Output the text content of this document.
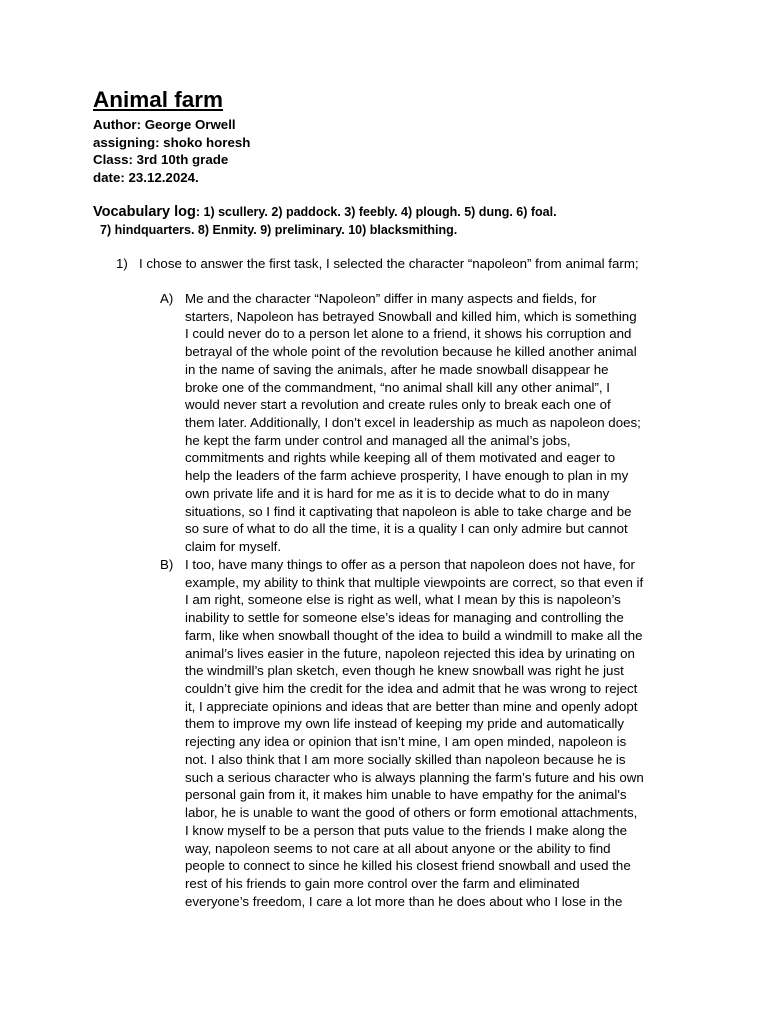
Animal farm
Author: George Orwell
assigning: shoko horesh
Class: 3rd 10th grade
date: 23.12.2024.
Vocabulary log: 1) scullery. 2) paddock. 3) feebly. 4) plough. 5) dung. 6) foal.
7) hindquarters. 8) Enmity. 9) preliminary. 10) blacksmithing.
1) I chose to answer the first task, I selected the character “napoleon” from animal farm;
A) Me and the character “Napoleon” differ in many aspects and fields, for
starters, Napoleon has betrayed Snowball and killed him, which is something
I could never do to a person let alone to a friend, it shows his corruption and
betrayal of the whole point of the revolution because he killed another animal
in the name of saving the animals, after he made snowball disappear he
broke one of the commandment, “no animal shall kill any other animal”, I
would never start a revolution and create rules only to break each one of
them later. Additionally, I don’t excel in leadership as much as napoleon does;
he kept the farm under control and managed all the animal’s jobs,
commitments and rights while keeping all of them motivated and eager to
help the leaders of the farm achieve prosperity, I have enough to plan in my
own private life and it is hard for me as it is to decide what to do in many
situations, so I find it captivating that napoleon is able to take charge and be
so sure of what to do all the time, it is a quality I can only admire but cannot
claim for myself.
B) I too, have many things to offer as a person that napoleon does not have, for
example, my ability to think that multiple viewpoints are correct, so that even if
I am right, someone else is right as well, what I mean by this is napoleon’s
inability to settle for someone else’s ideas for managing and controlling the
farm, like when snowball thought of the idea to build a windmill to make all the
animal’s lives easier in the future, napoleon rejected this idea by urinating on
the windmill’s plan sketch, even though he knew snowball was right he just
couldn’t give him the credit for the idea and admit that he was wrong to reject
it, I appreciate opinions and ideas that are better than mine and openly adopt
them to improve my own life instead of keeping my pride and automatically
rejecting any idea or opinion that isn’t mine, I am open minded, napoleon is
not. I also think that I am more socially skilled than napoleon because he is
such a serious character who is always planning the farm’s future and his own
personal gain from it, it makes him unable to have empathy for the animal's
labor, he is unable to want the good of others or form emotional attachments,
I know myself to be a person that puts value to the friends I make along the
way, napoleon seems to not care at all about anyone or the ability to find
people to connect to since he killed his closest friend snowball and used the
rest of his friends to gain more control over the farm and eliminated
everyone’s freedom, I care a lot more than he does about who I lose in the
